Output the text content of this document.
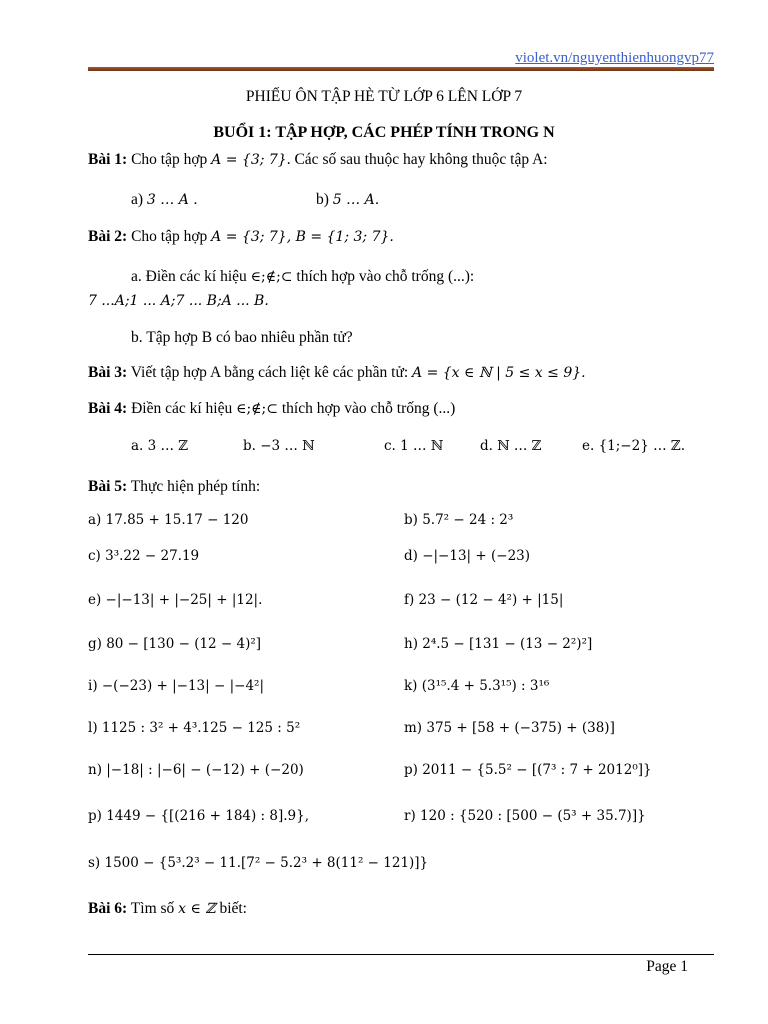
violet.vn/nguyenthienhuongvp77
PHIẾU ÔN TẬP HÈ TỪ LỚP 6 LÊN LỚP 7
BUỔI 1: TẬP HỢP, CÁC PHÉP TÍNH TRONG N
Bài 1: Cho tập hợp A = {3; 7}. Các số sau thuộc hay không thuộc tập A:
a) 3 … A .	b) 5 … A.
Bài 2: Cho tập hợp A = {3; 7}, B = {1; 3; 7}.
a. Điền các kí hiệu ∈;∉;⊂ thích hợp vào chỗ trống (...):
7 ...A;1 ... A;7 ... B;A ... B.
b. Tập hợp B có bao nhiêu phần tử?
Bài 3: Viết tập hợp A bằng cách liệt kê các phần tử: A = {x ∈ ℕ | 5 ≤ x ≤ 9}.
Bài 4: Điền các kí hiệu ∈;∉;⊂ thích hợp vào chỗ trống (...)
a. 3 … ℤ	b. −3 … ℕ	c. 1 … ℕ	d. ℕ … ℤ	e. {1;−2} … ℤ.
Bài 5: Thực hiện phép tính:
a) 17.85 + 15.17 − 120	b) 5.7² − 24 : 2³
c) 3³.22 − 27.19	d) −|−13| + (−23)
e) −|−13| + |−25| + |12|.	f) 23 − (12 − 4²) + |15|
g) 80 − [130 − (12 − 4)²]	h) 2⁴.5 − [131 − (13 − 2²)²]
i) −(−23) + |−13| − |−4²|	k) (3¹⁵.4 + 5.3¹⁵) : 3¹⁶
l) 1125 : 3² + 4³.125 − 125 : 5²	m) 375 + [58 + (−375) + (38)]
n) |−18| : |−6| − (−12) + (−20)	p) 2011 − {5.5² − [(7³ : 7 + 2012⁰]}
p) 1449 − {[(216 + 184) : 8].9},	r) 120 : {520 : [500 − (5³ + 35.7)]}
s) 1500 − {5³.2³ − 11.[7² − 5.2³ + 8(11² − 121)]}
Bài 6: Tìm số x ∈ ℤ biết:
Page 1
